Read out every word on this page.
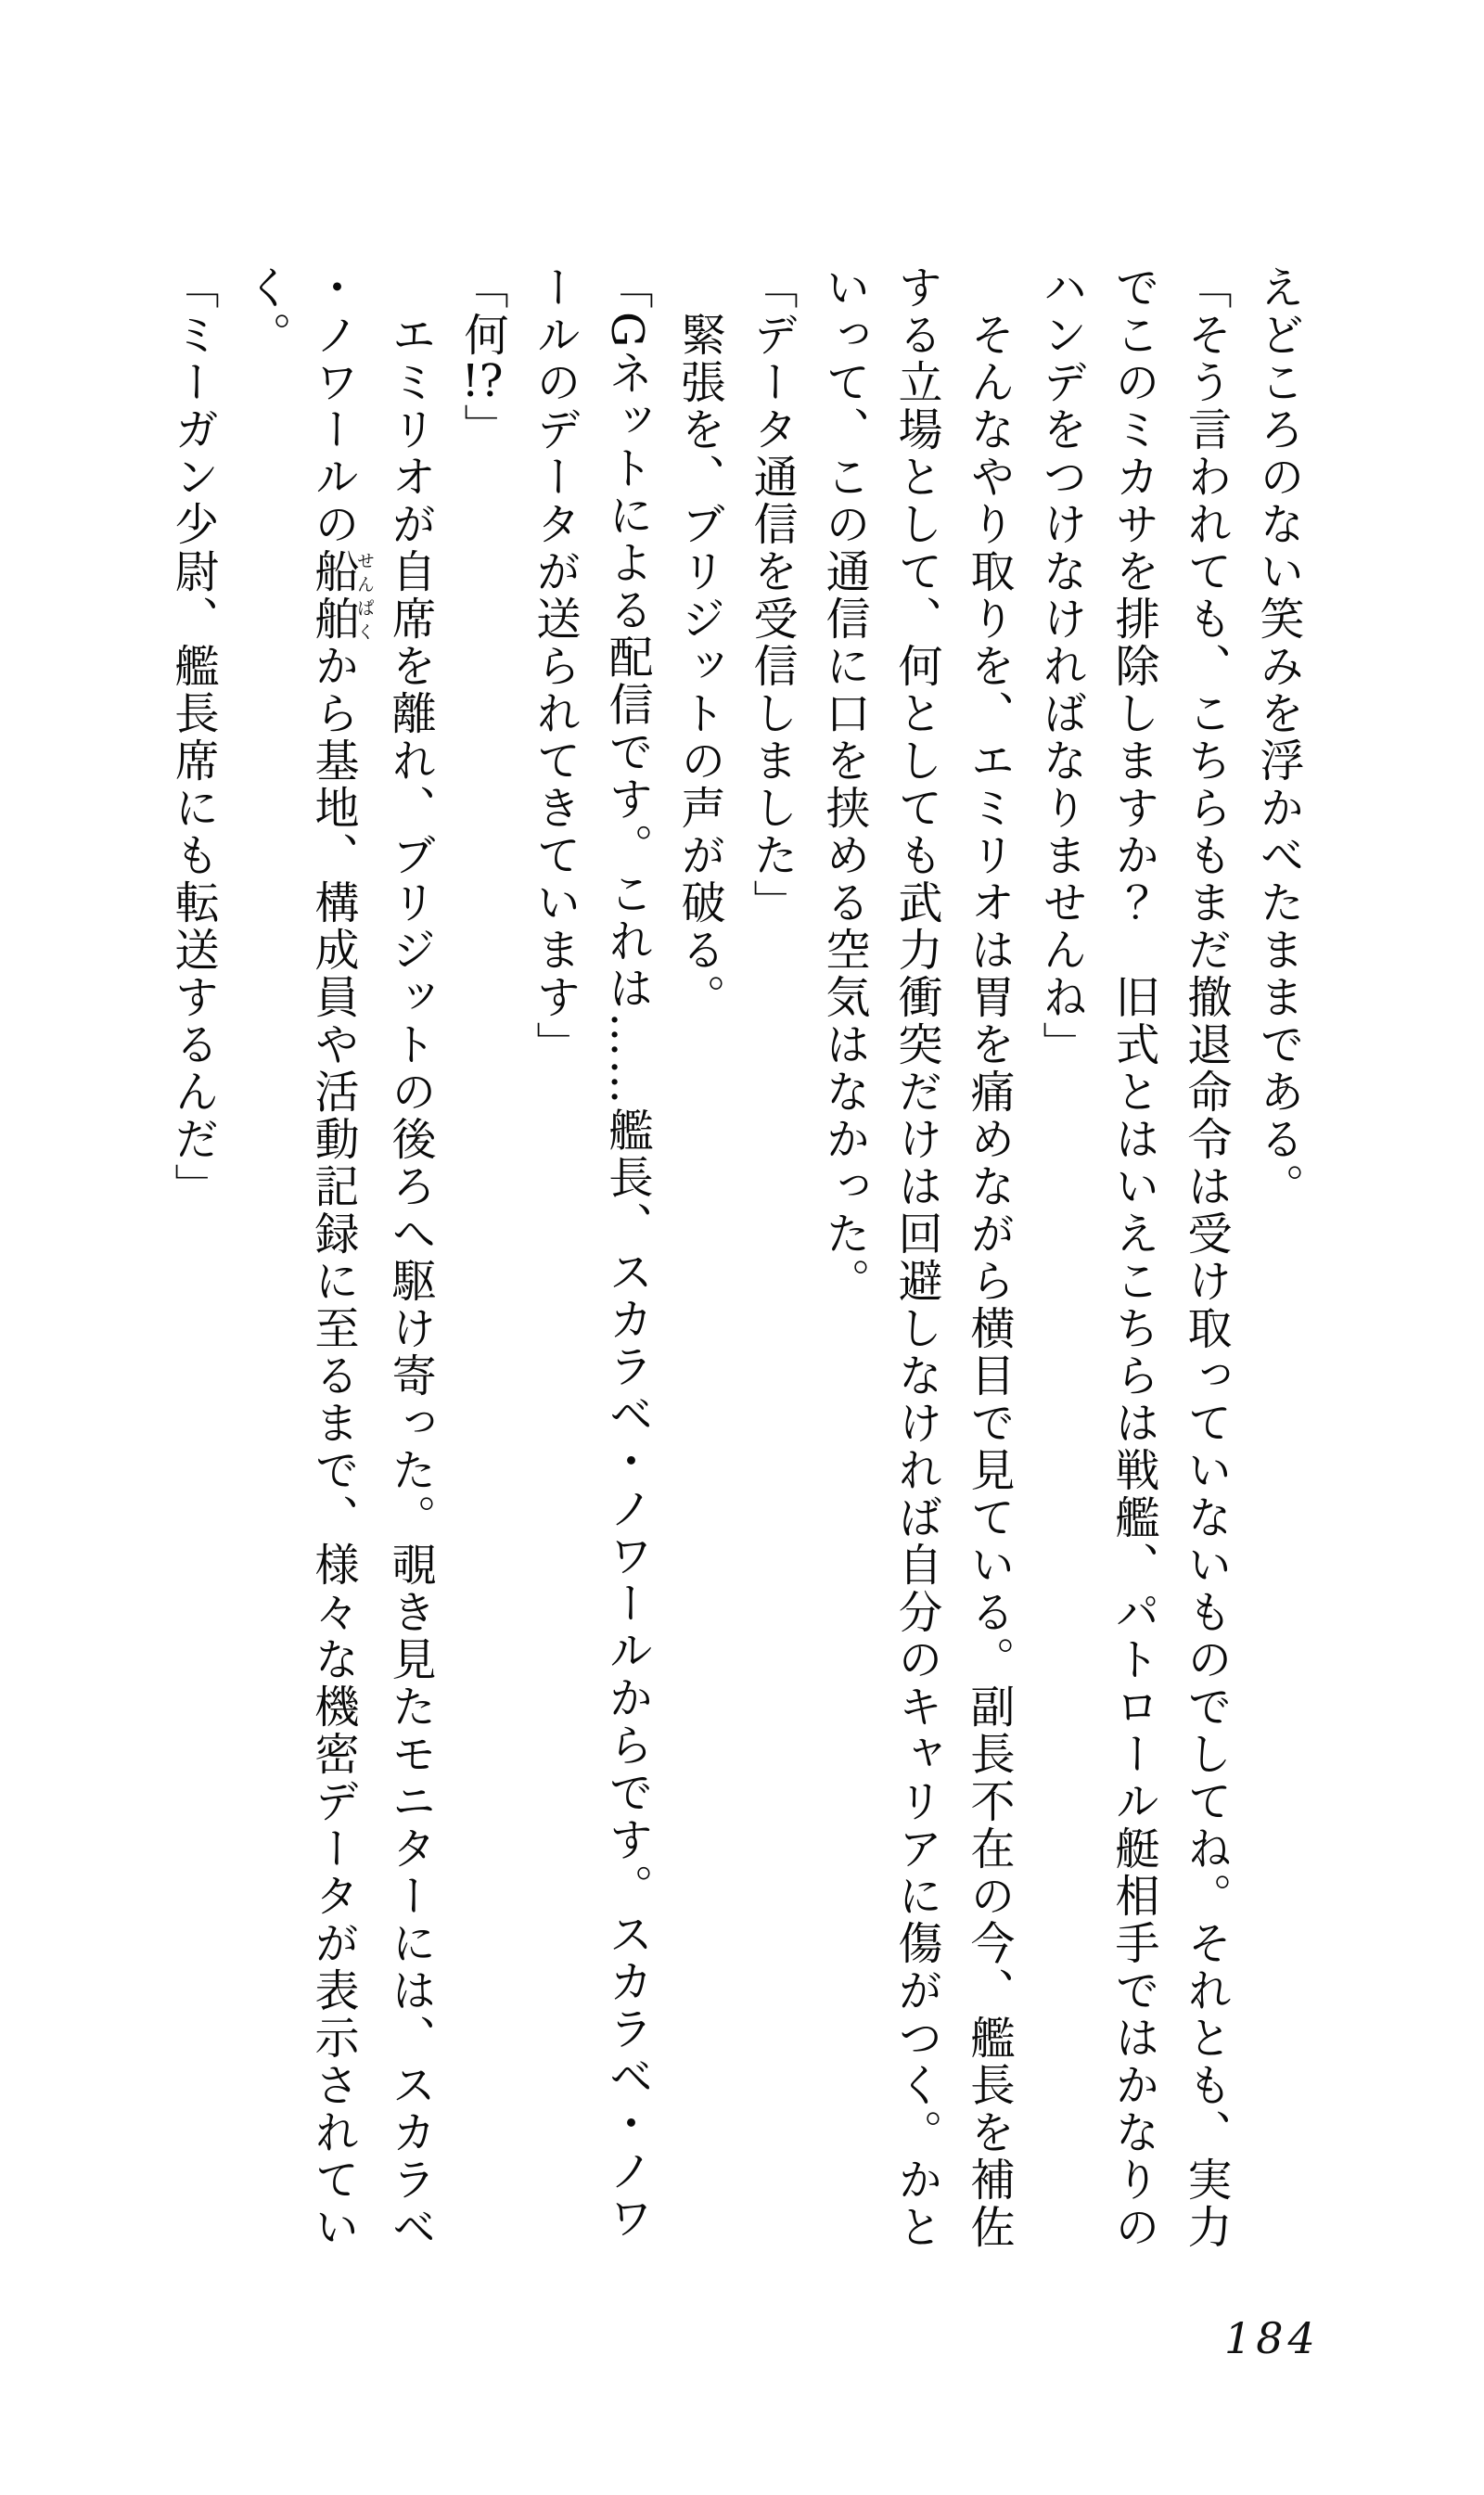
えどころのない笑みを浮かべたままである。
「そう言われても、こちらもまだ撤退命令は受け取っていないものでしてね。それとも、実力
でこのミカサを排除しますか？　旧式とはいえこちらは戦艦、パトロール艇相手ではかなりの
ハンデをつけなければなりませんね」
そんなやり取りを、エミリオは胃を痛めながら横目で見ている。副長不在の今、艦長を補佐
する立場として、何としても武力衝突だけは回避しなければ自分のキャリアに傷がつく。かと
いって、この通信に口を挟める空気はなかった。
「データ通信を受信しました」
緊張を、ブリジットの声が破る。
「Gネットによる配信です。これは……艦長、スカラベ・ノワールからです。スカラベ・ノワ
ールのデータが送られてきています」
「何!?」
エミリオが自席を離れ、ブリジットの後ろへ駆け寄った。覗き見たモニターには、スカラベ
・ノワールの船舶せんぱくから基地、構成員や活動記録に至るまで、様々な機密データが表示されてい
く。
「ミーガン少尉、艦長席にも転送するんだ」
184
